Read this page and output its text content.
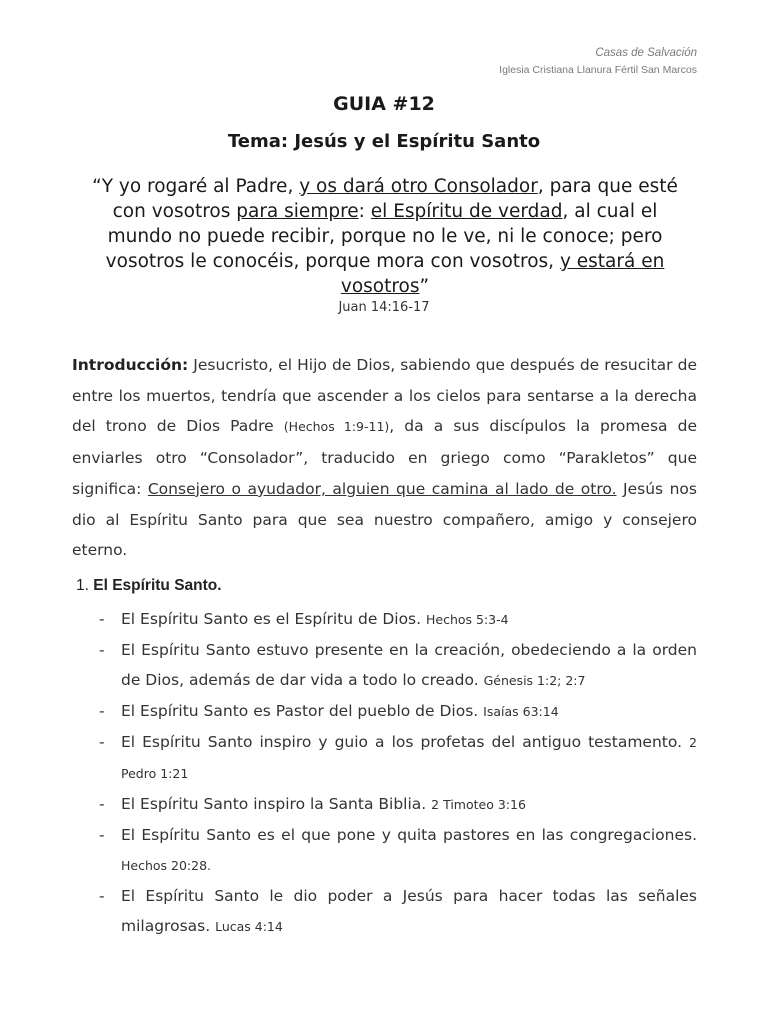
Casas de Salvación
Iglesia Cristiana Llanura Fértil San Marcos
GUIA #12
Tema: Jesús y el Espíritu Santo
“Y yo rogaré al Padre, y os dará otro Consolador, para que esté con vosotros para siempre: el Espíritu de verdad, al cual el mundo no puede recibir, porque no le ve, ni le conoce; pero vosotros le conocéis, porque mora con vosotros, y estará en vosotros”
Juan 14:16-17
Introducción: Jesucristo, el Hijo de Dios, sabiendo que después de resucitar de entre los muertos, tendría que ascender a los cielos para sentarse a la derecha del trono de Dios Padre (Hechos 1:9-11), da a sus discípulos la promesa de enviarles otro “Consolador”, traducido en griego como “Parakletos” que significa: Consejero o ayudador, alguien que camina al lado de otro. Jesús nos dio al Espíritu Santo para que sea nuestro compañero, amigo y consejero eterno.
1. El Espíritu Santo.
- El Espíritu Santo es el Espíritu de Dios. Hechos 5:3-4
- El Espíritu Santo estuvo presente en la creación, obedeciendo a la orden de Dios, además de dar vida a todo lo creado. Génesis 1:2; 2:7
- El Espíritu Santo es Pastor del pueblo de Dios. Isaías 63:14
- El Espíritu Santo inspiro y guio a los profetas del antiguo testamento. 2 Pedro 1:21
- El Espíritu Santo inspiro la Santa Biblia. 2 Timoteo 3:16
- El Espíritu Santo es el que pone y quita pastores en las congregaciones. Hechos 20:28.
- El Espíritu Santo le dio poder a Jesús para hacer todas las señales milagrosas. Lucas 4:14
